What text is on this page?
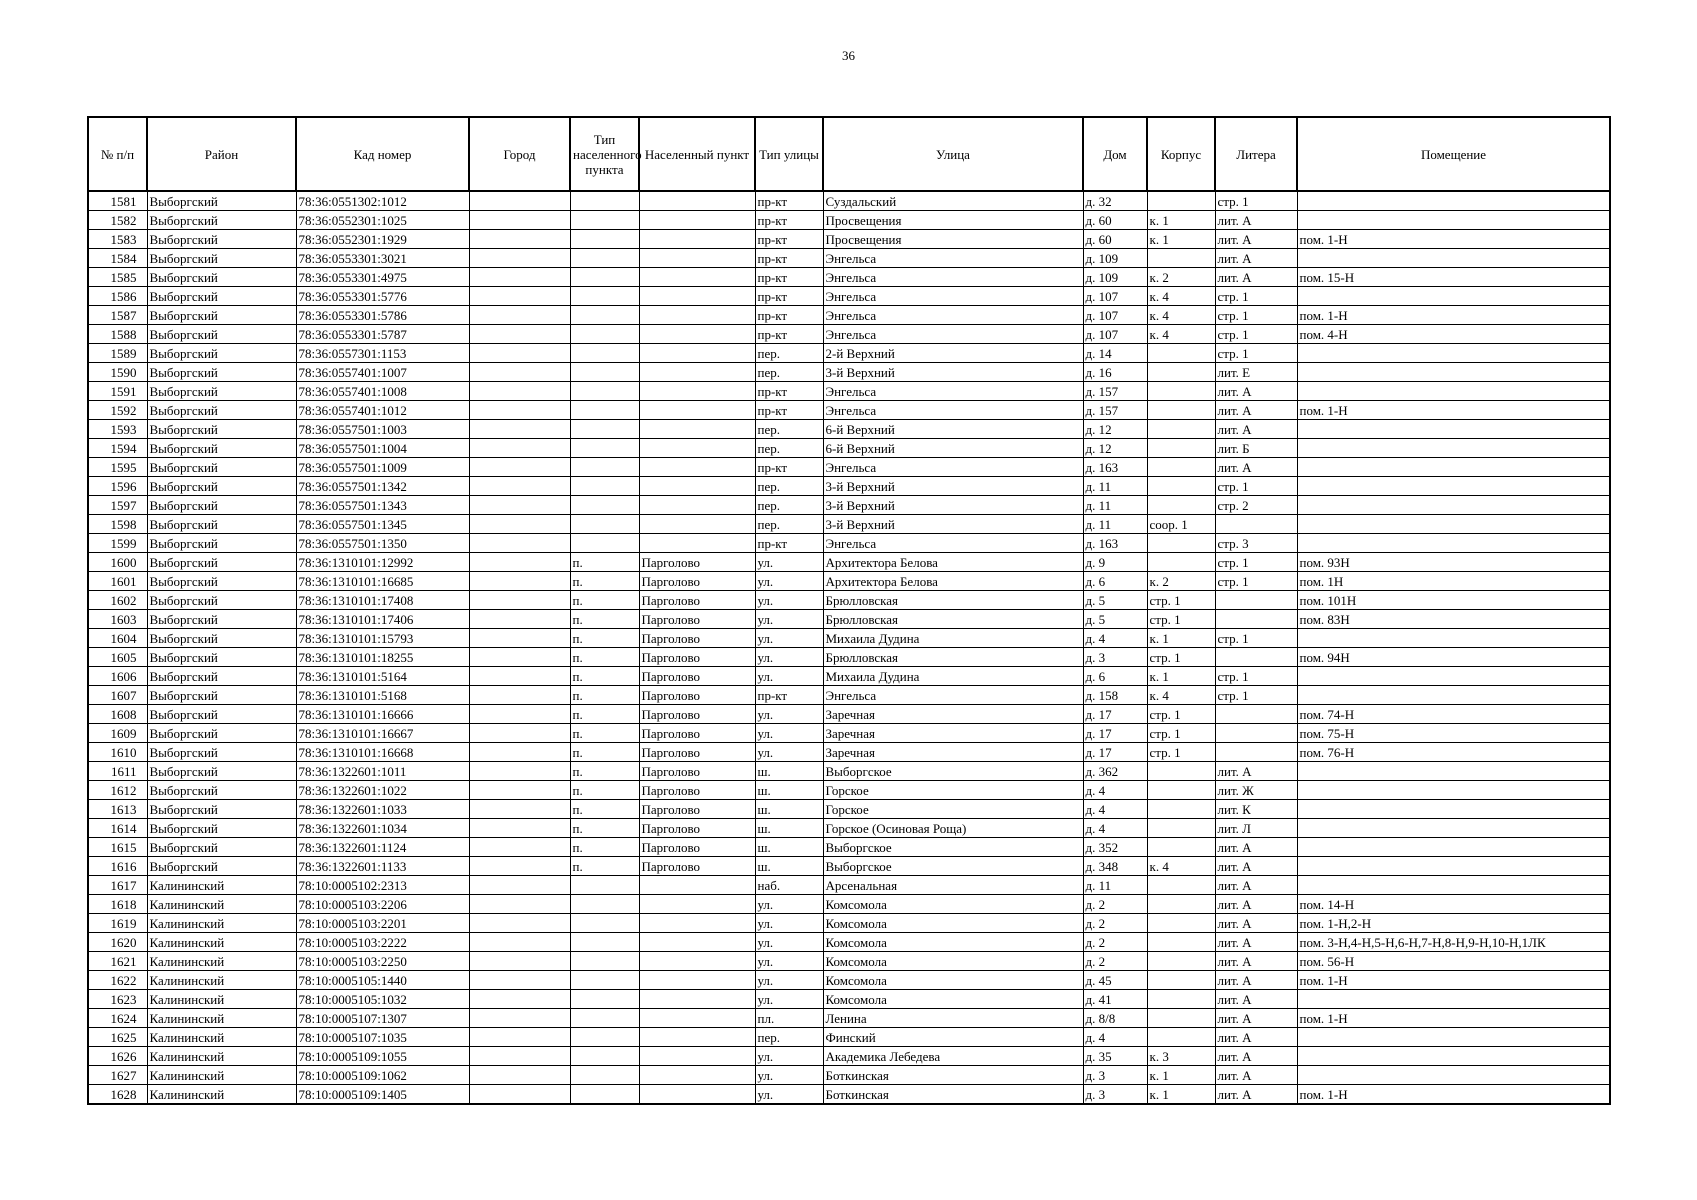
36
№ п/п	Район	Кад номер	Город	Тип населенного пункта	Населенный пункт	Тип улицы	Улица	Дом	Корпус	Литера	Помещение
1581	Выборгский	78:36:0551302:1012				пр-кт	Суздальский	д. 32		стр. 1	
1582	Выборгский	78:36:0552301:1025				пр-кт	Просвещения	д. 60	к. 1	лит. А	
1583	Выборгский	78:36:0552301:1929				пр-кт	Просвещения	д. 60	к. 1	лит. А	пом. 1-Н
1584	Выборгский	78:36:0553301:3021				пр-кт	Энгельса	д. 109		лит. А	
1585	Выборгский	78:36:0553301:4975				пр-кт	Энгельса	д. 109	к. 2	лит. А	пом. 15-Н
1586	Выборгский	78:36:0553301:5776				пр-кт	Энгельса	д. 107	к. 4	стр. 1	
1587	Выборгский	78:36:0553301:5786				пр-кт	Энгельса	д. 107	к. 4	стр. 1	пом. 1-Н
1588	Выборгский	78:36:0553301:5787				пр-кт	Энгельса	д. 107	к. 4	стр. 1	пом. 4-Н
1589	Выборгский	78:36:0557301:1153				пер.	2-й Верхний	д. 14		стр. 1	
1590	Выборгский	78:36:0557401:1007				пер.	3-й Верхний	д. 16		лит. Е	
1591	Выборгский	78:36:0557401:1008				пр-кт	Энгельса	д. 157		лит. А	
1592	Выборгский	78:36:0557401:1012				пр-кт	Энгельса	д. 157		лит. А	пом. 1-Н
1593	Выборгский	78:36:0557501:1003				пер.	6-й Верхний	д. 12		лит. А	
1594	Выборгский	78:36:0557501:1004				пер.	6-й Верхний	д. 12		лит. Б	
1595	Выборгский	78:36:0557501:1009				пр-кт	Энгельса	д. 163		лит. А	
1596	Выборгский	78:36:0557501:1342				пер.	3-й Верхний	д. 11		стр. 1	
1597	Выборгский	78:36:0557501:1343				пер.	3-й Верхний	д. 11		стр. 2	
1598	Выборгский	78:36:0557501:1345				пер.	3-й Верхний	д. 11	соор. 1		
1599	Выборгский	78:36:0557501:1350				пр-кт	Энгельса	д. 163		стр. 3	
1600	Выборгский	78:36:1310101:12992		п.	Парголово	ул.	Архитектора Белова	д. 9		стр. 1	пом. 93Н
1601	Выборгский	78:36:1310101:16685		п.	Парголово	ул.	Архитектора Белова	д. 6	к. 2	стр. 1	пом. 1Н
1602	Выборгский	78:36:1310101:17408		п.	Парголово	ул.	Брюлловская	д. 5	стр. 1		пом. 101Н
1603	Выборгский	78:36:1310101:17406		п.	Парголово	ул.	Брюлловская	д. 5	стр. 1		пом. 83Н
1604	Выборгский	78:36:1310101:15793		п.	Парголово	ул.	Михаила Дудина	д. 4	к. 1	стр. 1	
1605	Выборгский	78:36:1310101:18255		п.	Парголово	ул.	Брюлловская	д. 3	стр. 1		пом. 94Н
1606	Выборгский	78:36:1310101:5164		п.	Парголово	ул.	Михаила Дудина	д. 6	к. 1	стр. 1	
1607	Выборгский	78:36:1310101:5168		п.	Парголово	пр-кт	Энгельса	д. 158	к. 4	стр. 1	
1608	Выборгский	78:36:1310101:16666		п.	Парголово	ул.	Заречная	д. 17	стр. 1		пом. 74-Н
1609	Выборгский	78:36:1310101:16667		п.	Парголово	ул.	Заречная	д. 17	стр. 1		пом. 75-Н
1610	Выборгский	78:36:1310101:16668		п.	Парголово	ул.	Заречная	д. 17	стр. 1		пом. 76-Н
1611	Выборгский	78:36:1322601:1011		п.	Парголово	ш.	Выборгское	д. 362		лит. А	
1612	Выборгский	78:36:1322601:1022		п.	Парголово	ш.	Горское	д. 4		лит. Ж	
1613	Выборгский	78:36:1322601:1033		п.	Парголово	ш.	Горское	д. 4		лит. К	
1614	Выборгский	78:36:1322601:1034		п.	Парголово	ш.	Горское (Осиновая Роща)	д. 4		лит. Л	
1615	Выборгский	78:36:1322601:1124		п.	Парголово	ш.	Выборгское	д. 352		лит. А	
1616	Выборгский	78:36:1322601:1133		п.	Парголово	ш.	Выборгское	д. 348	к. 4	лит. А	
1617	Калининский	78:10:0005102:2313				наб.	Арсенальная	д. 11		лит. А	
1618	Калининский	78:10:0005103:2206				ул.	Комсомола	д. 2		лит. А	пом. 14-Н
1619	Калининский	78:10:0005103:2201				ул.	Комсомола	д. 2		лит. А	пом. 1-Н,2-Н
1620	Калининский	78:10:0005103:2222				ул.	Комсомола	д. 2		лит. А	пом. 3-Н,4-Н,5-Н,6-Н,7-Н,8-Н,9-Н,10-Н,1ЛК
1621	Калининский	78:10:0005103:2250				ул.	Комсомола	д. 2		лит. А	пом. 56-Н
1622	Калининский	78:10:0005105:1440				ул.	Комсомола	д. 45		лит. А	пом. 1-Н
1623	Калининский	78:10:0005105:1032				ул.	Комсомола	д. 41		лит. А	
1624	Калининский	78:10:0005107:1307				пл.	Ленина	д. 8/8		лит. А	пом. 1-Н
1625	Калининский	78:10:0005107:1035				пер.	Финский	д. 4		лит. А	
1626	Калининский	78:10:0005109:1055				ул.	Академика Лебедева	д. 35	к. 3	лит. А	
1627	Калининский	78:10:0005109:1062				ул.	Боткинская	д. 3	к. 1	лит. А	
1628	Калининский	78:10:0005109:1405				ул.	Боткинская	д. 3	к. 1	лит. А	пом. 1-Н
